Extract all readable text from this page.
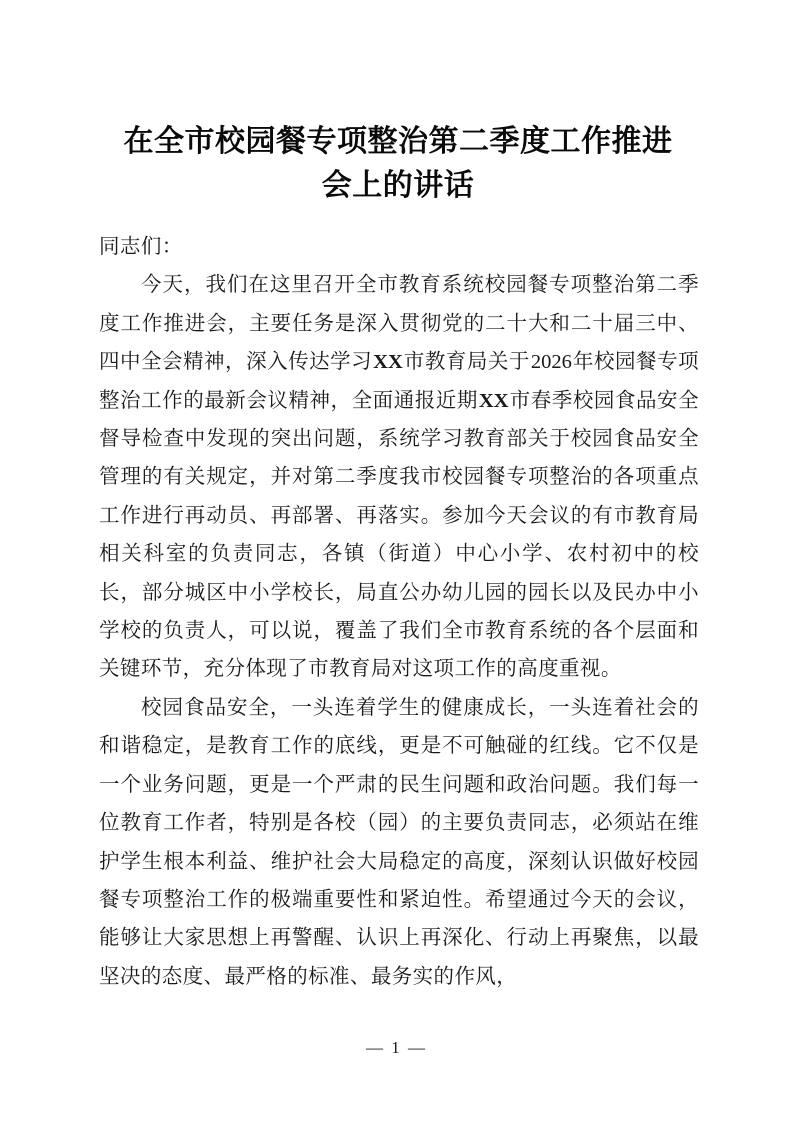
在全市校园餐专项整治第二季度工作推进
会上的讲话

同志们：

今天，我们在这里召开全市教育系统校园餐专项整治第二季度工作推进会，主要任务是深入贯彻党的二十大和二十届三中、四中全会精神，深入传达学习XX市教育局关于2026年校园餐专项整治工作的最新会议精神，全面通报近期XX市春季校园食品安全督导检查中发现的突出问题，系统学习教育部关于校园食品安全管理的有关规定，并对第二季度我市校园餐专项整治的各项重点工作进行再动员、再部署、再落实。参加今天会议的有市教育局相关科室的负责同志，各镇（街道）中心小学、农村初中的校长，部分城区中小学校长，局直公办幼儿园的园长以及民办中小学校的负责人，可以说，覆盖了我们全市教育系统的各个层面和关键环节，充分体现了市教育局对这项工作的高度重视。

校园食品安全，一头连着学生的健康成长，一头连着社会的和谐稳定，是教育工作的底线，更是不可触碰的红线。它不仅是一个业务问题，更是一个严肃的民生问题和政治问题。我们每一位教育工作者，特别是各校（园）的主要负责同志，必须站在维护学生根本利益、维护社会大局稳定的高度，深刻认识做好校园餐专项整治工作的极端重要性和紧迫性。希望通过今天的会议，能够让大家思想上再警醒、认识上再深化、行动上再聚焦，以最坚决的态度、最严格的标准、最务实的作风，

— 1 —
